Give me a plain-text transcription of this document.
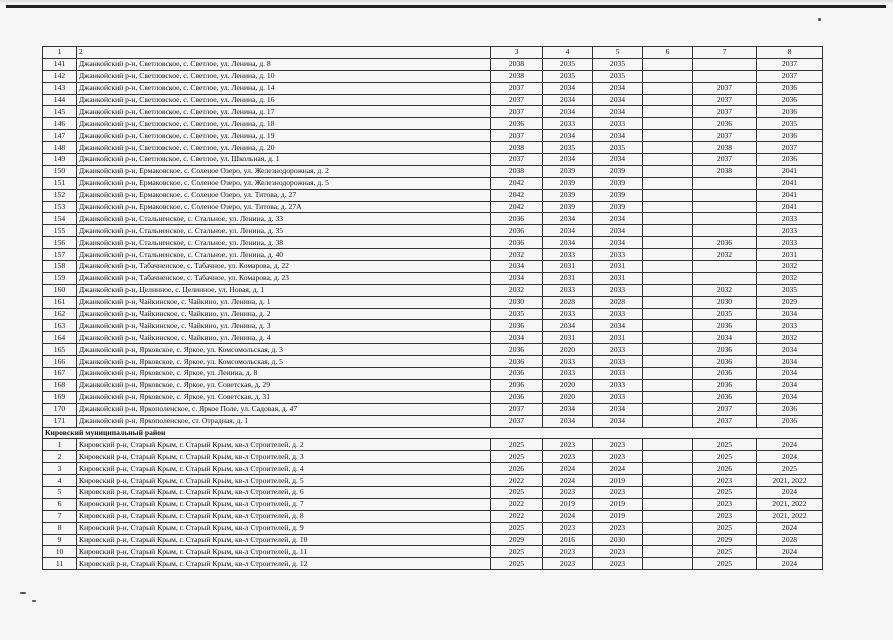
1	2	3	4	5	6	7	8
141	Джанкойский р-н, Светловское, с. Светлое, ул. Ленина, д. 8	2038	2035	2035			2037
142	Джанкойский р-н, Светловское, с. Светлое, ул. Ленина, д. 10	2038	2035	2035			2037
143	Джанкойский р-н, Светловское, с. Светлое, ул. Ленина, д. 14	2037	2034	2034		2037	2036
144	Джанкойский р-н, Светловское, с. Светлое, ул. Ленина, д. 16	2037	2034	2034		2037	2036
145	Джанкойский р-н, Светловское, с. Светлое, ул. Ленина, д. 17	2037	2034	2034		2037	2036
146	Джанкойский р-н, Светловское, с. Светлое, ул. Ленина, д. 18	2036	2033	2033		2036	2035
147	Джанкойский р-н, Светловское, с. Светлое, ул. Ленина, д. 19	2037	2034	2034		2037	2036
148	Джанкойский р-н, Светловское, с. Светлое, ул. Ленина, д. 20	2038	2035	2035		2038	2037
149	Джанкойский р-н, Светловское, с. Светлое, ул. Школьная, д. 1	2037	2034	2034		2037	2036
150	Джанкойский р-н, Ермаковское, с. Соленое Озеро, ул. Железнодорожная, д. 2	2038	2039	2039		2038	2041
151	Джанкойский р-н, Ермаковское, с. Соленое Озеро, ул. Железнодорожная, д. 5	2042	2039	2039			2041
152	Джанкойский р-н, Ермаковское, с. Соленое Озеро, ул. Титова, д. 27	2042	2039	2039			2041
153	Джанкойский р-н, Ермаковское, с. Соленое Озеро, ул. Титова, д. 27А	2042	2039	2039			2041
154	Джанкойский р-н, Стальненское, с. Стальное, ул. Ленина, д. 33	2036	2034	2034			2033
155	Джанкойский р-н, Стальненское, с. Стальное, ул. Ленина, д. 35	2036	2034	2034			2033
156	Джанкойский р-н, Стальненское, с. Стальное, ул. Ленина, д. 38	2036	2034	2034		2036	2033
157	Джанкойский р-н, Стальненское, с. Стальное, ул. Ленина, д. 40	2032	2033	2033		2032	2031
158	Джанкойский р-н, Табачненское, с. Табачное, ул. Комарова, д. 22	2034	2031	2031			2032
159	Джанкойский р-н, Табачненское, с. Табачное, ул. Комарова, д. 23	2034	2031	2031			2032
160	Джанкойский р-н, Целинное, с. Целинное, ул. Новая, д. 1	2032	2033	2033		2032	2035
161	Джанкойский р-н, Чайкинское, с. Чайкино, ул. Ленина, д. 1	2030	2028	2028		2030	2029
162	Джанкойский р-н, Чайкинское, с. Чайкино, ул. Ленина, д. 2	2035	2033	2033		2035	2034
163	Джанкойский р-н, Чайкинское, с. Чайкино, ул. Ленина, д. 3	2036	2034	2034		2036	2033
164	Джанкойский р-н, Чайкинское, с. Чайкино, ул. Ленина, д. 4	2034	2031	2031		2034	2032
165	Джанкойский р-н, Ярковское, с. Яркое, ул. Комсомольская, д. 3	2036	2020	2033		2036	2034
166	Джанкойский р-н, Ярковское, с. Яркое, ул. Комсомольская, д. 5	2036	2033	2033		2036	2034
167	Джанкойский р-н, Ярковское, с. Яркое, ул. Ленина, д. 8	2036	2033	2033		2036	2034
168	Джанкойский р-н, Ярковское, с. Яркое, ул. Советская, д. 29	2036	2020	2033		2036	2034
169	Джанкойский р-н, Ярковское, с. Яркое, ул. Советская, д. 31	2036	2020	2033		2036	2034
170	Джанкойский р-н, Яркополенское, с. Яркое Поле, ул. Садовая, д. 47	2037	2034	2034		2037	2036
171	Джанкойский р-н, Яркополенское, ст. Отрадная, д. 1	2037	2034	2034		2037	2036
Кировский муниципальный район							
1	Кировский р-н, Старый Крым, г. Старый Крым, кв-л Строителей, д. 2	2025	2023	2023		2025	2024
2	Кировский р-н, Старый Крым, г. Старый Крым, кв-л Строителей, д. 3	2025	2023	2023		2025	2024
3	Кировский р-н, Старый Крым, г. Старый Крым, кв-л Строителей, д. 4	2026	2024	2024		2026	2025
4	Кировский р-н, Старый Крым, г. Старый Крым, кв-л Строителей, д. 5	2022	2024	2019		2023	2021, 2022
5	Кировский р-н, Старый Крым, г. Старый Крым, кв-л Строителей, д. 6	2025	2023	2023		2025	2024
6	Кировский р-н, Старый Крым, г. Старый Крым, кв-л Строителей, д. 7	2022	2019	2019		2023	2021, 2022
7	Кировский р-н, Старый Крым, г. Старый Крым, кв-л Строителей, д. 8	2022	2024	2019		2023	2021, 2022
8	Кировский р-н, Старый Крым, г. Старый Крым, кв-л Строителей, д. 9	2025	2023	2023		2025	2024
9	Кировский р-н, Старый Крым, г. Старый Крым, кв-л Строителей, д. 10	2029	2016	2030		2029	2028
10	Кировский р-н, Старый Крым, г. Старый Крым, кв-л Строителей, д. 11	2025	2023	2023		2025	2024
11	Кировский р-н, Старый Крым, г. Старый Крым, кв-л Строителей, д. 12	2025	2023	2023		2025	2024
